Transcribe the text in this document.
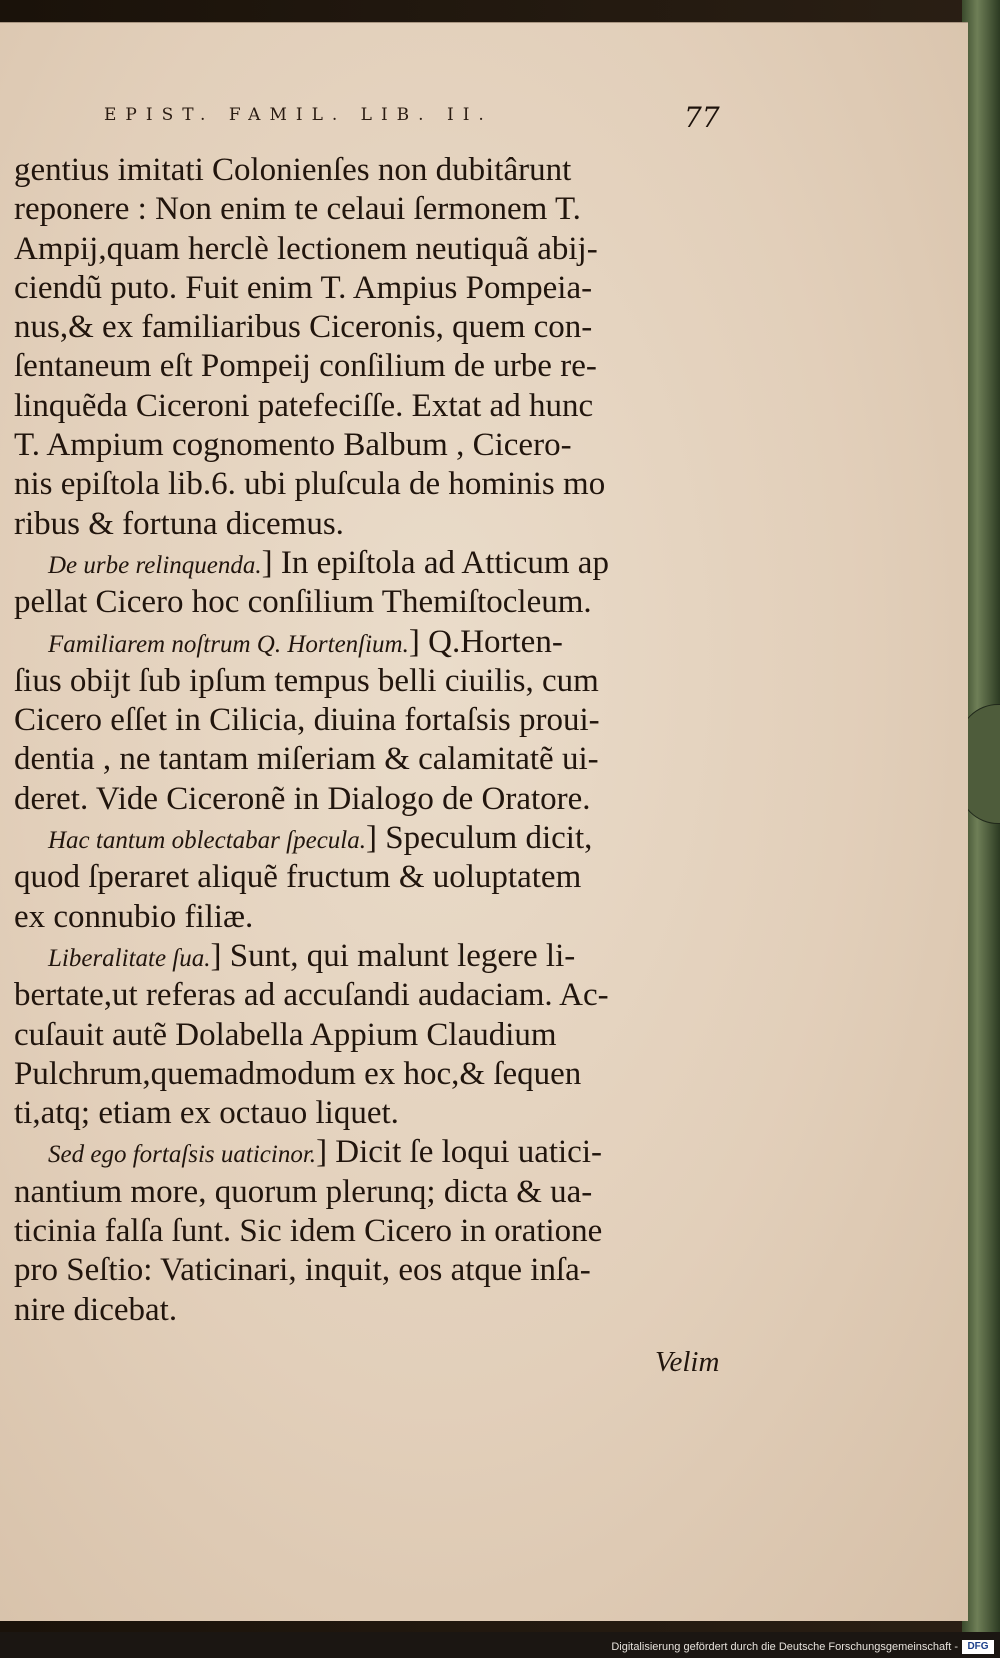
EPIST. FAMIL. LIB. II.	77
gentius imitati Colonienſes non dubitârunt
reponere : Non enim te celaui ſermonem T.
Ampij,quam herclè lectionem neutiquã abij-
ciendũ puto. Fuit enim T. Ampius Pompeia-
nus,& ex familiaribus Ciceronis, quem con-
ſentaneum eſt Pompeij conſilium de urbe re-
linquẽda Ciceroni patefeciſſe. Extat ad hunc
T. Ampium cognomento Balbum , Cicero-
nis epiſtola lib.6. ubi pluſcula de hominis mo
ribus & fortuna dicemus.
De urbe relinquenda.] In epiſtola ad Atticum ap
pellat Cicero hoc conſilium Themiſtocleum.
Familiarem noſtrum Q. Hortenſium.] Q.Horten-
ſius obijt ſub ipſum tempus belli ciuilis, cum
Cicero eſſet in Cilicia, diuina fortaſsis proui-
dentia , ne tantam miſeriam & calamitatẽ ui-
deret. Vide Ciceronẽ in Dialogo de Oratore.
Hac tantum oblectabar ſpecula.] Speculum dicit,
quod ſperaret aliquẽ fructum & uoluptatem
ex connubio filiæ.
Liberalitate ſua.] Sunt, qui malunt legere li-
bertate,ut referas ad accuſandi audaciam. Ac-
cuſauit autẽ Dolabella Appium Claudium
Pulchrum,quemadmodum ex hoc,& ſequen
ti,atq; etiam ex octauo liquet.
Sed ego fortaſsis uaticinor.] Dicit ſe loqui uatici-
nantium more, quorum plerunq; dicta & ua-
ticinia falſa ſunt. Sic idem Cicero in oratione
pro Seſtio: Vaticinari, inquit, eos atque inſa-
nire dicebat.
Velim
Digitalisierung gefördert durch die Deutsche Forschungsgemeinschaft - DFG
